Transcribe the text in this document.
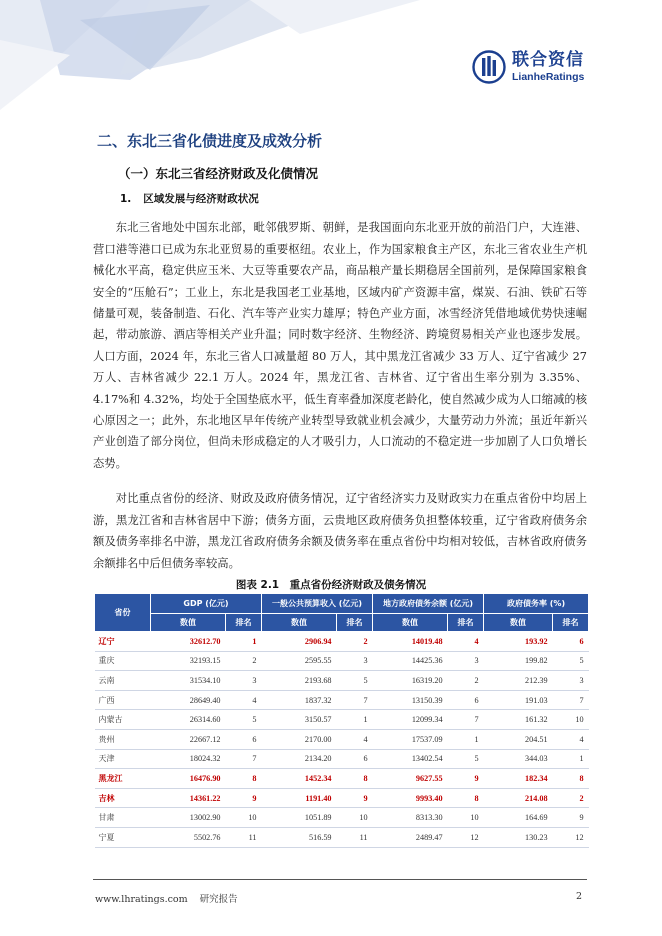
联合资信
LianheRatings
二、东北三省化债进度及成效分析
（一）东北三省经济财政及化债情况
1. 区域发展与经济财政状况

东北三省地处中国东北部，毗邻俄罗斯、朝鲜，是我国面向东北亚开放的前沿门户，大连港、营口港等港口已成为东北亚贸易的重要枢纽。农业上，作为国家粮食主产区，东北三省农业生产机械化水平高，稳定供应玉米、大豆等重要农产品，商品粮产量长期稳居全国前列，是保障国家粮食安全的“压舱石”；工业上，东北是我国老工业基地，区域内矿产资源丰富，煤炭、石油、铁矿石等储量可观，装备制造、石化、汽车等产业实力雄厚；特色产业方面，冰雪经济凭借地域优势快速崛起，带动旅游、酒店等相关产业升温；同时数字经济、生物经济、跨境贸易相关产业也逐步发展。人口方面，2024 年，东北三省人口减量超 80 万人，其中黑龙江省减少 33 万人、辽宁省减少 27 万人、吉林省减少 22.1 万人。2024 年，黑龙江省、吉林省、辽宁省出生率分别为 3.35%、4.17%和 4.32%，均处于全国垫底水平，低生育率叠加深度老龄化，使自然减少成为人口缩减的核心原因之一；此外，东北地区早年传统产业转型导致就业机会减少，大量劳动力外流；虽近年新兴产业创造了部分岗位，但尚未形成稳定的人才吸引力，人口流动的不稳定进一步加剧了人口负增长态势。

对比重点省份的经济、财政及政府债务情况，辽宁省经济实力及财政实力在重点省份中均居上游，黑龙江省和吉林省居中下游；债务方面，云贵地区政府债务负担整体较重，辽宁省政府债务余额及债务率排名中游，黑龙江省政府债务余额及债务率在重点省份中均相对较低，吉林省政府债务余额排名中后但债务率较高。

图表 2.1　重点省份经济财政及债务情况
省份	GDP (亿元)		一般公共预算收入 (亿元)		地方政府债务余额 (亿元)		政府债务率 (%)	
	数值	排名	数值	排名	数值	排名	数值	排名
辽宁	32612.70	1	2906.94	2	14019.48	4	193.92	6
重庆	32193.15	2	2595.55	3	14425.36	3	199.82	5
云南	31534.10	3	2193.68	5	16319.20	2	212.39	3
广西	28649.40	4	1837.32	7	13150.39	6	191.03	7
内蒙古	26314.60	5	3150.57	1	12099.34	7	161.32	10
贵州	22667.12	6	2170.00	4	17537.09	1	204.51	4
天津	18024.32	7	2134.20	6	13402.54	5	344.03	1
黑龙江	16476.90	8	1452.34	8	9627.55	9	182.34	8
吉林	14361.22	9	1191.40	9	9993.40	8	214.08	2
甘肃	13002.90	10	1051.89	10	8313.30	10	164.69	9
宁夏	5502.76	11	516.59	11	2489.47	12	130.23	12
www.lhratings.com 研究报告	2
